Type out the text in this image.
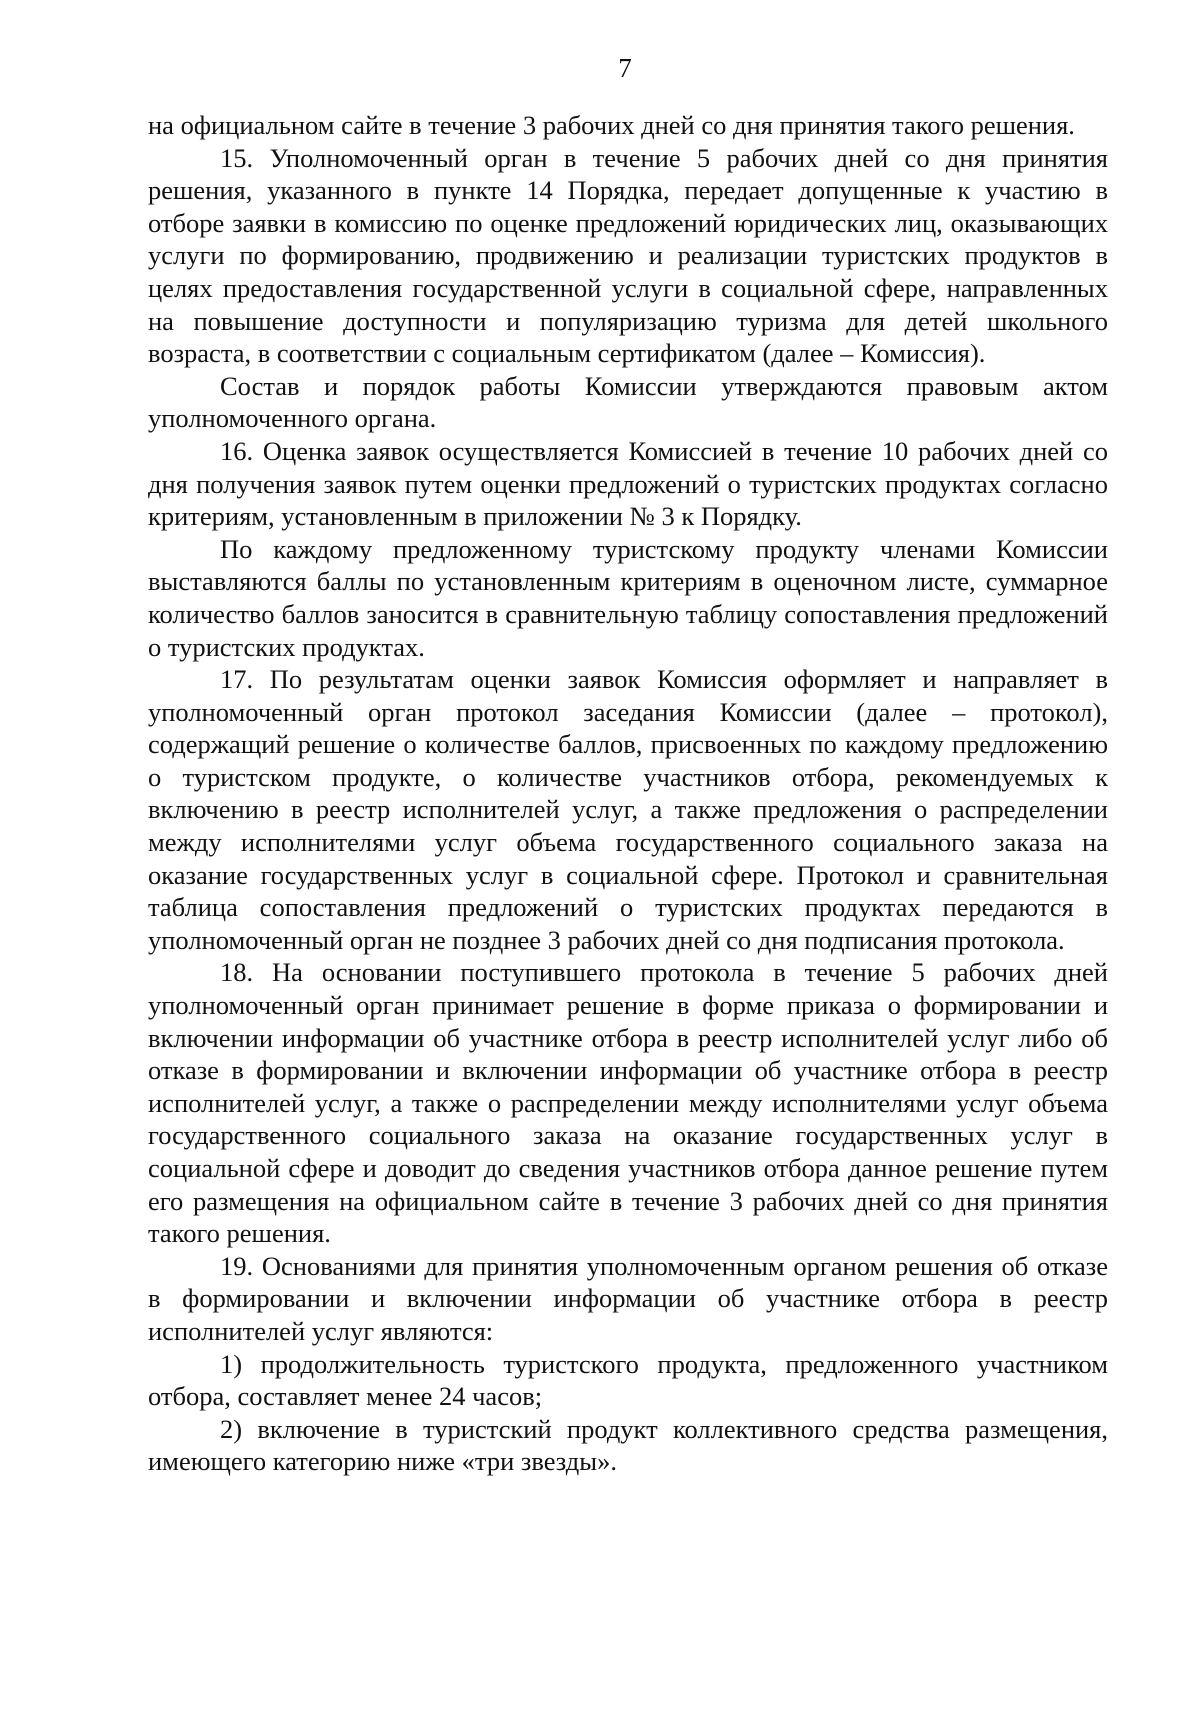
7

на официальном сайте в течение 3 рабочих дней со дня принятия такого решения.

15. Уполномоченный орган в течение 5 рабочих дней со дня принятия решения, указанного в пункте 14 Порядка, передает допущенные к участию в отборе заявки в комиссию по оценке предложений юридических лиц, оказывающих услуги по формированию, продвижению и реализации туристских продуктов в целях предоставления государственной услуги в социальной сфере, направленных на повышение доступности и популяризацию туризма для детей школьного возраста, в соответствии с социальным сертификатом (далее – Комиссия).

Состав и порядок работы Комиссии утверждаются правовым актом уполномоченного органа.

16. Оценка заявок осуществляется Комиссией в течение 10 рабочих дней со дня получения заявок путем оценки предложений о туристских продуктах согласно критериям, установленным в приложении № 3 к Порядку.

По каждому предложенному туристскому продукту членами Комиссии выставляются баллы по установленным критериям в оценочном листе, суммарное количество баллов заносится в сравнительную таблицу сопоставления предложений о туристских продуктах.

17. По результатам оценки заявок Комиссия оформляет и направляет в уполномоченный орган протокол заседания Комиссии (далее – протокол), содержащий решение о количестве баллов, присвоенных по каждому предложению о туристском продукте, о количестве участников отбора, рекомендуемых к включению в реестр исполнителей услуг, а также предложения о распределении между исполнителями услуг объема государственного социального заказа на оказание государственных услуг в социальной сфере. Протокол и сравнительная таблица сопоставления предложений о туристских продуктах передаются в уполномоченный орган не позднее 3 рабочих дней со дня подписания протокола.

18. На основании поступившего протокола в течение 5 рабочих дней уполномоченный орган принимает решение в форме приказа о формировании и включении информации об участнике отбора в реестр исполнителей услуг либо об отказе в формировании и включении информации об участнике отбора в реестр исполнителей услуг, а также о распределении между исполнителями услуг объема государственного социального заказа на оказание государственных услуг в социальной сфере и доводит до сведения участников отбора данное решение путем его размещения на официальном сайте в течение 3 рабочих дней со дня принятия такого решения.

19. Основаниями для принятия уполномоченным органом решения об отказе в формировании и включении информации об участнике отбора в реестр исполнителей услуг являются:

1) продолжительность туристского продукта, предложенного участником отбора, составляет менее 24 часов;

2) включение в туристский продукт коллективного средства размещения, имеющего категорию ниже «три звезды».
